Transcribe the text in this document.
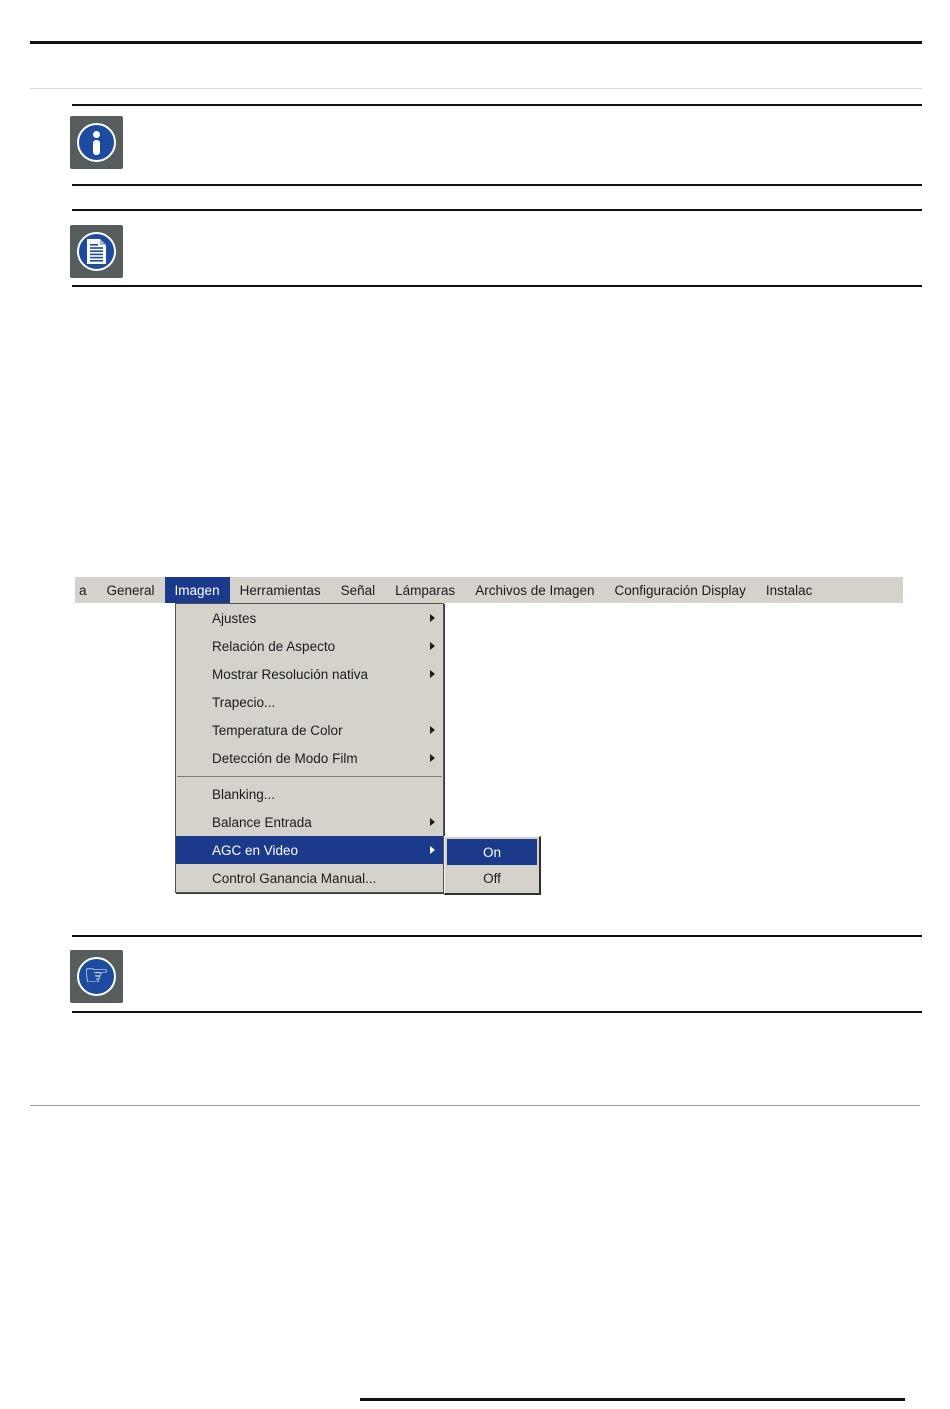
a	General	Imagen	Herramientas	Señal	Lámparas	Archivos de Imagen	Configuración Display	Instalac
Ajustes
Relación de Aspecto
Mostrar Resolución nativa
Trapecio...
Temperatura de Color
Detección de Modo Film
Blanking...
Balance Entrada
AGC en Video
Control Ganancia Manual...
On
Off
☞
